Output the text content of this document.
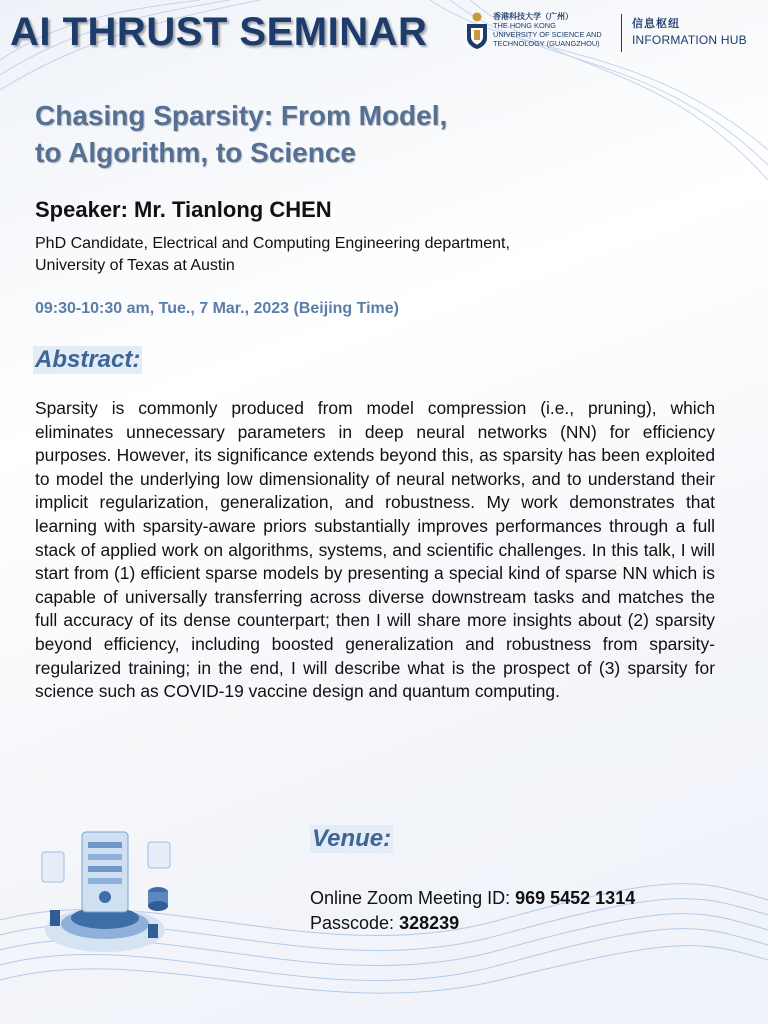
AI THRUST SEMINAR	香港科技大学（广州）
THE HONG KONG
UNIVERSITY OF SCIENCE AND
TECHNOLOGY (GUANGZHOU)
信息枢纽
INFORMATION HUB
Chasing Sparsity: From Model,
to Algorithm, to Science
Speaker: Mr. Tianlong CHEN
PhD Candidate, Electrical and Computing Engineering department,
University of Texas at Austin
09:30-10:30 am, Tue., 7 Mar., 2023 (Beijing Time)
Abstract:

Sparsity is commonly produced from model compression (i.e., pruning), which eliminates unnecessary parameters in deep neural networks (NN) for efficiency purposes. However, its significance extends beyond this, as sparsity has been exploited to model the underlying low dimensionality of neural networks, and to understand their implicit regularization, generalization, and robustness. My work demonstrates that learning with sparsity-aware priors substantially improves performances through a full stack of applied work on algorithms, systems, and scientific challenges. In this talk, I will start from (1) efficient sparse models by presenting a special kind of sparse NN which is capable of universally transferring across diverse downstream tasks and matches the full accuracy of its dense counterpart; then I will share more insights about (2) sparsity beyond efficiency, including boosted generalization and robustness from sparsity-regularized training; in the end, I will describe what is the prospect of (3) sparsity for science such as COVID-19 vaccine design and quantum computing.

Venue:
Online Zoom Meeting ID: 969 5452 1314
Passcode: 328239
